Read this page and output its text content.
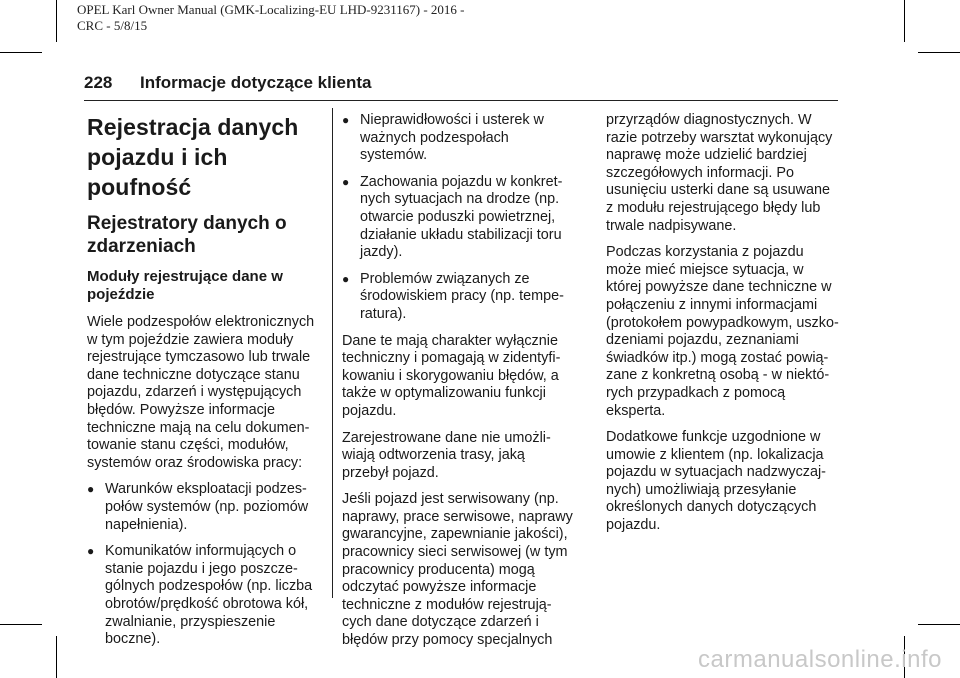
OPEL Karl Owner Manual (GMK-Localizing-EU LHD-9231167) - 2016 -
CRC - 5/8/15
228 Informacje dotyczące klienta
Rejestracja danych
pojazdu i ich
poufność
Rejestratory danych o
zdarzeniach
Moduły rejestrujące dane w
pojeździe

Wiele podzespołów elektronicznych
w tym pojeździe zawiera moduły
rejestrujące tymczasowo lub trwale
dane techniczne dotyczące stanu
pojazdu, zdarzeń i występujących
błędów. Powyższe informacje
techniczne mają na celu dokumen-
towanie stanu części, modułów,
systemów oraz środowiska pracy:

● Warunków eksploatacji podzes-
połów systemów (np. poziomów
napełnienia).
● Komunikatów informujących o
stanie pojazdu i jego poszcze-
gólnych podzespołów (np. liczba
obrotów/prędkość obrotowa kół,
zwalnianie, przyspieszenie
boczne).
● Nieprawidłowości i usterek w
ważnych podzespołach
systemów.
● Zachowania pojazdu w konkret-
nych sytuacjach na drodze (np.
otwarcie poduszki powietrznej,
działanie układu stabilizacji toru
jazdy).
● Problemów związanych ze
środowiskiem pracy (np. tempe-
ratura).

Dane te mają charakter wyłącznie
techniczny i pomagają w zidentyfi-
kowaniu i skorygowaniu błędów, a
także w optymalizowaniu funkcji
pojazdu.

Zarejestrowane dane nie umożli-
wiają odtworzenia trasy, jaką
przebył pojazd.

Jeśli pojazd jest serwisowany (np.
naprawy, prace serwisowe, naprawy
gwarancyjne, zapewnianie jakości),
pracownicy sieci serwisowej (w tym
pracownicy producenta) mogą
odczytać powyższe informacje
techniczne z modułów rejestrują-
cych dane dotyczące zdarzeń i
błędów przy pomocy specjalnych

przyrządów diagnostycznych. W
razie potrzeby warsztat wykonujący
naprawę może udzielić bardziej
szczegółowych informacji. Po
usunięciu usterki dane są usuwane
z modułu rejestrującego błędy lub
trwale nadpisywane.

Podczas korzystania z pojazdu
może mieć miejsce sytuacja, w
której powyższe dane techniczne w
połączeniu z innymi informacjami
(protokołem powypadkowym, uszko-
dzeniami pojazdu, zeznaniami
świadków itp.) mogą zostać powią-
zane z konkretną osobą - w niektó-
rych przypadkach z pomocą
eksperta.

Dodatkowe funkcje uzgodnione w
umowie z klientem (np. lokalizacja
pojazdu w sytuacjach nadzwyczaj-
nych) umożliwiają przesyłanie
określonych danych dotyczących
pojazdu.

carmanualsonline.info
